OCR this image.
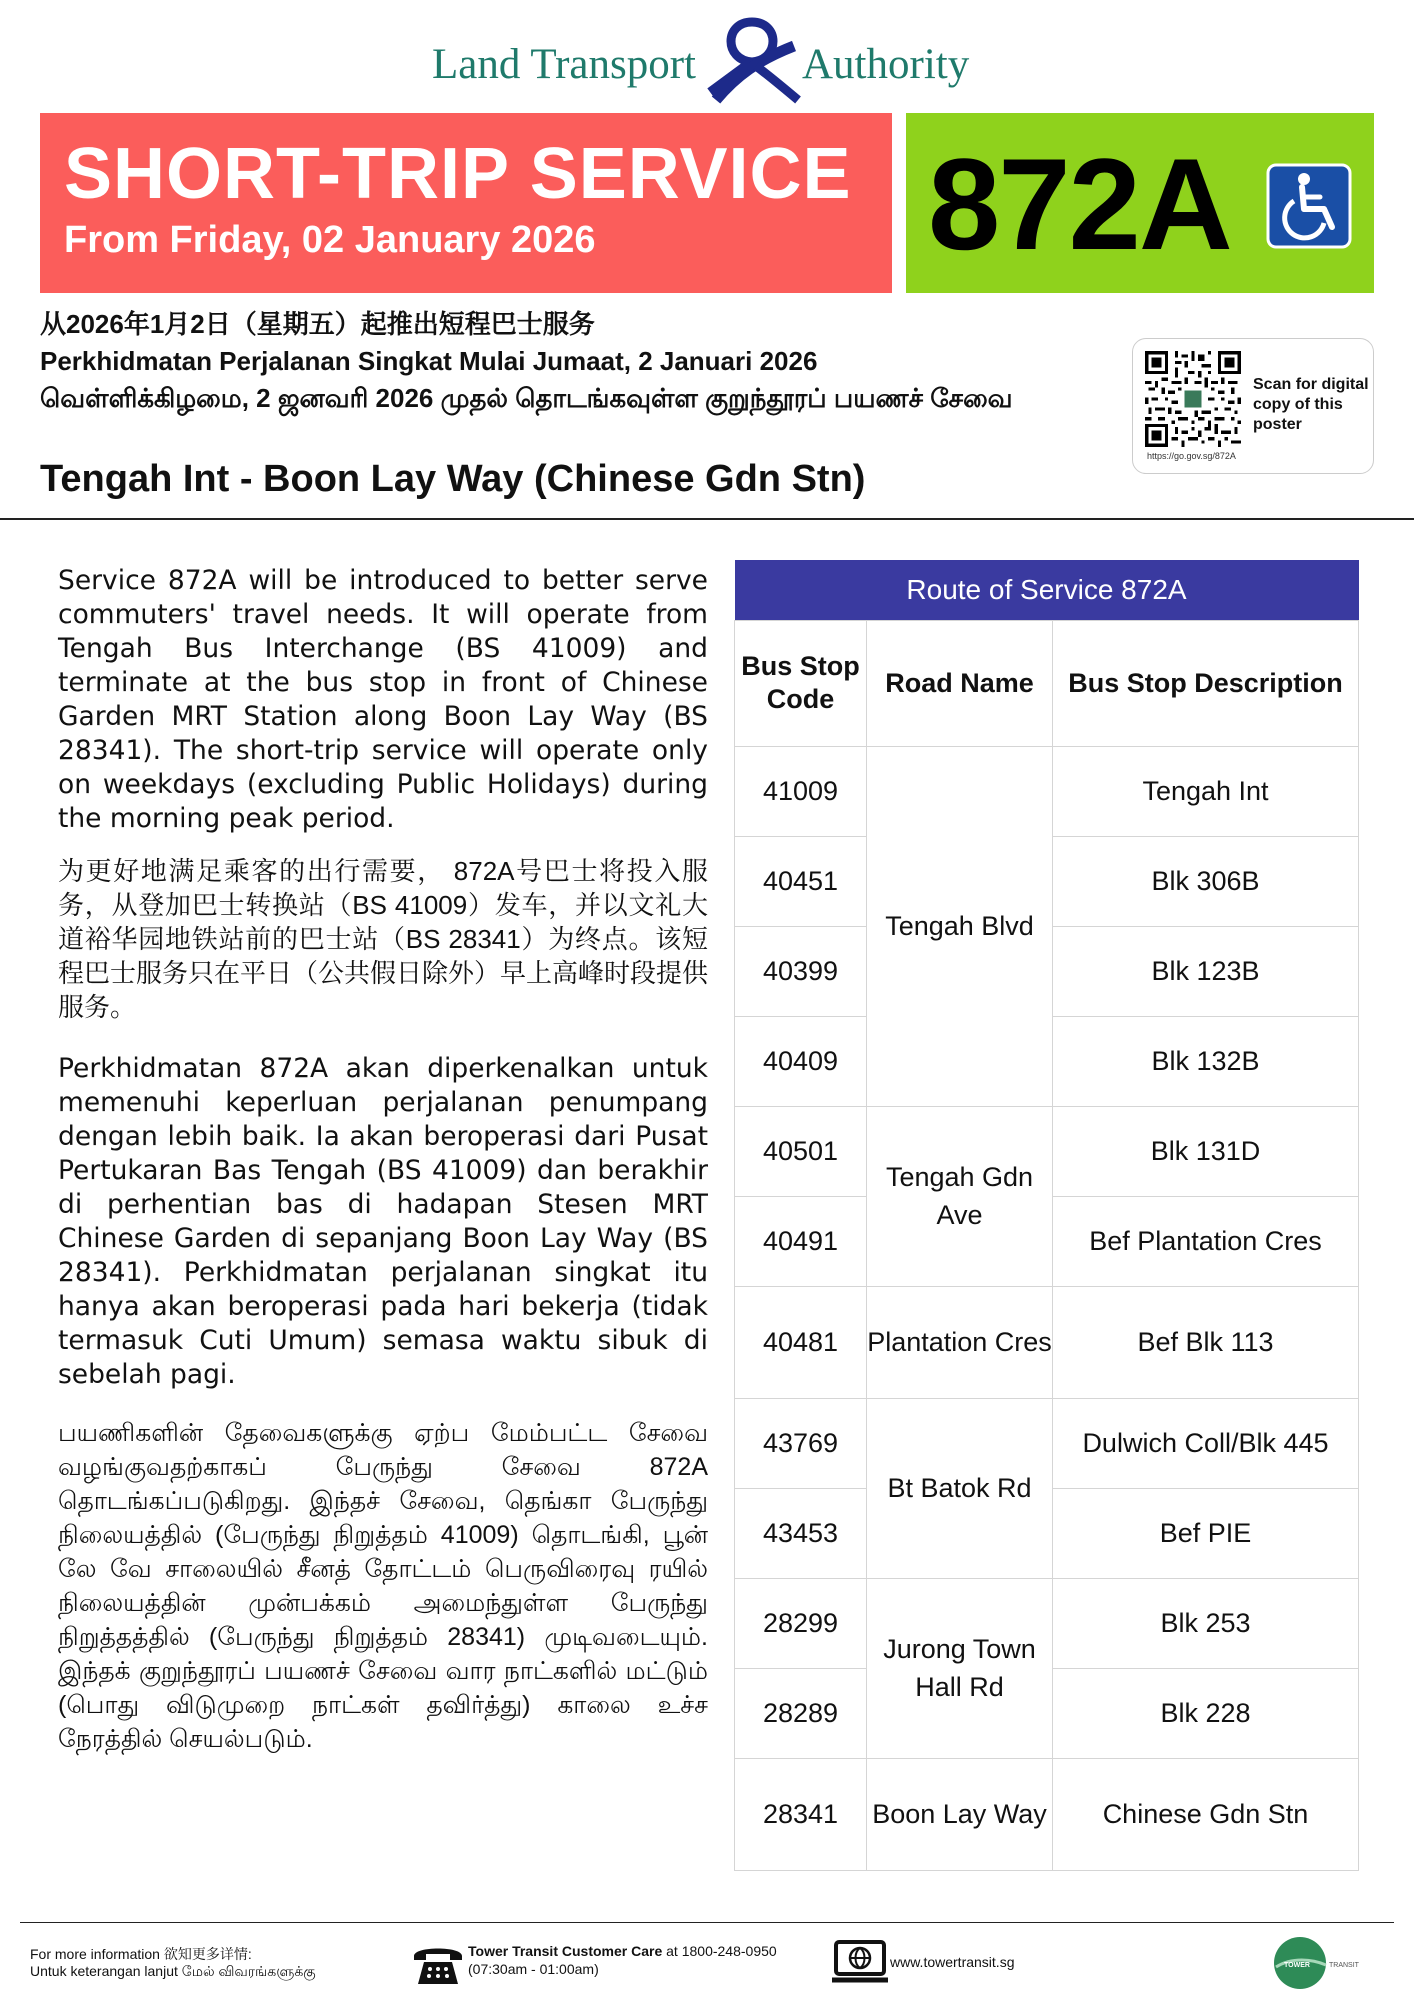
Land Transport Authority
SHORT-TRIP SERVICE
From Friday, 02 January 2026	872A
从2026年1月2日（星期五）起推出短程巴士服务
Perkhidmatan Perjalanan Singkat Mulai Jumaat, 2 Januari 2026
வெள்ளிக்கிழமை, 2 ஜனவரி 2026 முதல் தொடங்கவுள்ள குறுந்தூரப் பயணச் சேவை
Tengah Int - Boon Lay Way (Chinese Gdn Stn)
https://go.gov.sg/872A
Scan for digital copy of this poster

Service 872A will be introduced to better serve commuters' travel needs. It will operate from Tengah Bus Interchange (BS 41009) and terminate at the bus stop in front of Chinese Garden MRT Station along Boon Lay Way (BS 28341). The short-trip service will operate only on weekdays (excluding Public Holidays) during the morning peak period.

为更好地满足乘客的出行需要， 872A号巴士将投入服务，从登加巴士转换站（BS 41009）发车，并以文礼大道裕华园地铁站前的巴士站（BS 28341）为终点。该短程巴士服务只在平日（公共假日除外）早上高峰时段提供服务。

Perkhidmatan 872A akan diperkenalkan untuk memenuhi keperluan perjalanan penumpang dengan lebih baik. Ia akan beroperasi dari Pusat Pertukaran Bas Tengah (BS 41009) dan berakhir di perhentian bas di hadapan Stesen MRT Chinese Garden di sepanjang Boon Lay Way (BS 28341). Perkhidmatan perjalanan singkat itu hanya akan beroperasi pada hari bekerja (tidak termasuk Cuti Umum) semasa waktu sibuk di sebelah pagi.

பயணிகளின் தேவைகளுக்கு ஏற்ப மேம்பட்ட சேவை வழங்குவதற்காகப் பேருந்து சேவை 872A தொடங்கப்படுகிறது. இந்தச் சேவை, தெங்கா பேருந்து நிலையத்தில் (பேருந்து நிறுத்தம் 41009) தொடங்கி, பூன் லே வே சாலையில் சீனத் தோட்டம் பெருவிரைவு ரயில் நிலையத்தின் முன்பக்கம் அமைந்துள்ள பேருந்து நிறுத்தத்தில் (பேருந்து நிறுத்தம் 28341) முடிவடையும். இந்தக் குறுந்தூரப் பயணச் சேவை வார நாட்களில் மட்டும் (பொது விடுமுறை நாட்கள் தவிர்த்து) காலை உச்ச நேரத்தில் செயல்படும்.

Route of Service 872A		
Bus Stop Code	Road Name	Bus Stop Description
41009	Tengah Blvd	Tengah Int
40451		Blk 306B
40399		Blk 123B
40409		Blk 132B
40501	Tengah Gdn Ave	Blk 131D
40491		Bef Plantation Cres
40481	Plantation Cres	Bef Blk 113
43769	Bt Batok Rd	Dulwich Coll/Blk 445
43453		Bef PIE
28299	Jurong Town Hall Rd	Blk 253
28289		Blk 228
28341	Boon Lay Way	Chinese Gdn Stn
For more information 欲知更多详情:
Untuk keterangan lanjut மேல் விவரங்களுக்கு
Tower Transit Customer Care at 1800-248-0950
(07:30am - 01:00am)	www.towertransit.sg	TOWER	TRANSIT
